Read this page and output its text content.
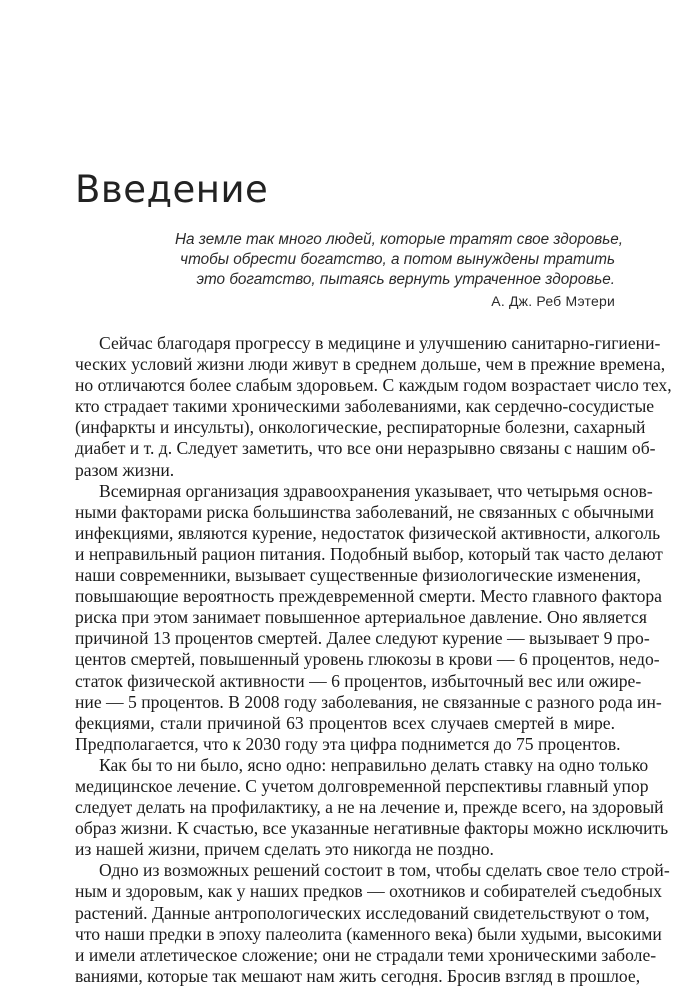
Введение
На земле так много людей, которые тратят свое здоровье,
чтобы обрести богатство, а потом вынуждены тратить
это богатство, пытаясь вернуть утраченное здоровье.
А. Дж. Реб Мэтери
Сейчас благодаря прогрессу в медицине и улучшению санитарно-гигиени-
ческих условий жизни люди живут в среднем дольше, чем в прежние времена,
но отличаются более слабым здоровьем. С каждым годом возрастает число тех,
кто страдает такими хроническими заболеваниями, как сердечно-сосудистые
(инфаркты и инсульты), онкологические, респираторные болезни, сахарный
диабет и т. д. Следует заметить, что все они неразрывно связаны с нашим об-
разом жизни.
Всемирная организация здравоохранения указывает, что четырьмя основ-
ными факторами риска большинства заболеваний, не связанных с обычными
инфекциями, являются курение, недостаток физической активности, алкоголь
и неправильный рацион питания. Подобный выбор, который так часто делают
наши современники, вызывает существенные физиологические изменения,
повышающие вероятность преждевременной смерти. Место главного фактора
риска при этом занимает повышенное артериальное давление. Оно является
причиной 13 процентов смертей. Далее следуют курение — вызывает 9 про-
центов смертей, повышенный уровень глюкозы в крови — 6 процентов, недо-
статок физической активности — 6 процентов, избыточный вес или ожире-
ние — 5 процентов. В 2008 году заболевания, не связанные с разного рода ин-
фекциями, стали причиной 63 процентов всех случаев смертей в мире.
Предполагается, что к 2030 году эта цифра поднимется до 75 процентов.
Как бы то ни было, ясно одно: неправильно делать ставку на одно только
медицинское лечение. С учетом долговременной перспективы главный упор
следует делать на профилактику, а не на лечение и, прежде всего, на здоровый
образ жизни. К счастью, все указанные негативные факторы можно исключить
из нашей жизни, причем сделать это никогда не поздно.
Одно из возможных решений состоит в том, чтобы сделать свое тело строй-
ным и здоровым, как у наших предков — охотников и собирателей съедобных
растений. Данные антропологических исследований свидетельствуют о том,
что наши предки в эпоху палеолита (каменного века) были худыми, высокими
и имели атлетическое сложение; они не страдали теми хроническими заболе-
ваниями, которые так мешают нам жить сегодня. Бросив взгляд в прошлое,
